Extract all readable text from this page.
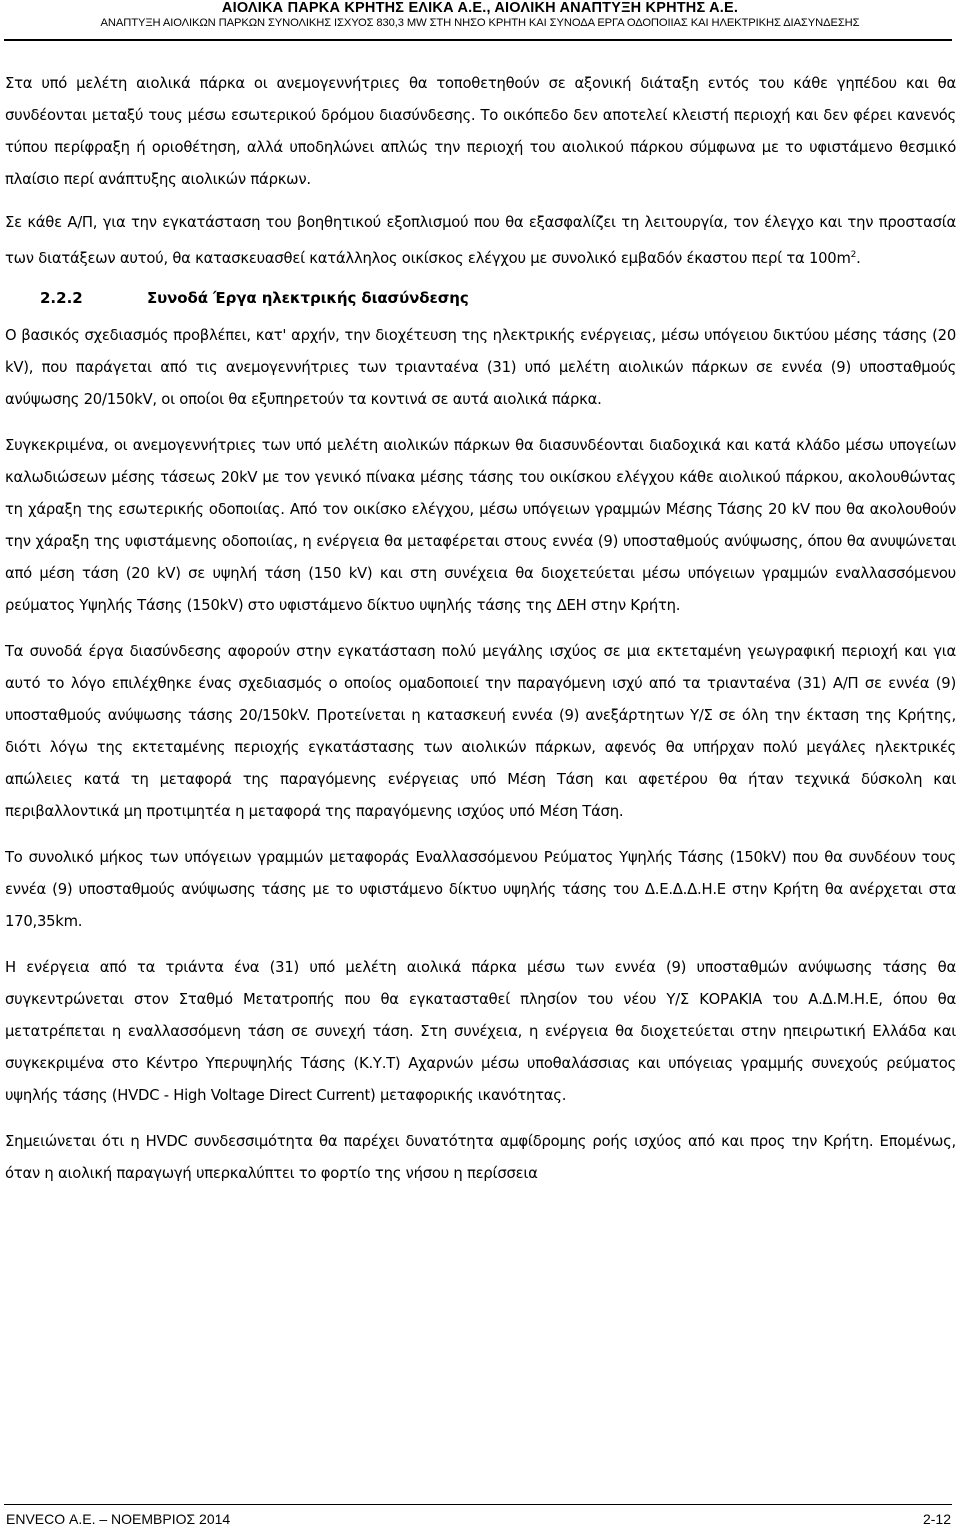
ΑΙΟΛΙΚΑ ΠΑΡΚΑ ΚΡΗΤΗΣ ΕΛΙΚΑ Α.Ε., ΑΙΟΛΙΚΗ ΑΝΑΠΤΥΞΗ ΚΡΗΤΗΣ Α.Ε.
ΑΝΑΠΤΥΞΗ ΑΙΟΛΙΚΩΝ ΠΑΡΚΩΝ ΣΥΝΟΛΙΚΗΣ ΙΣΧΥΟΣ 830,3 MW ΣΤΗ ΝΗΣΟ ΚΡΗΤΗ ΚΑΙ ΣΥΝΟΔΑ ΕΡΓΑ ΟΔΟΠΟΙΙΑΣ ΚΑΙ ΗΛΕΚΤΡΙΚΗΣ ΔΙΑΣΥΝΔΕΣΗΣ

Στα υπό μελέτη αιολικά πάρκα οι ανεμογεννήτριες θα τοποθετηθούν σε αξονική διάταξη εντός του κάθε γηπέδου και θα συνδέονται μεταξύ τους μέσω εσωτερικού δρόμου διασύνδεσης. Το οικόπεδο δεν αποτελεί κλειστή περιοχή και δεν φέρει κανενός τύπου περίφραξη ή οριοθέτηση, αλλά υποδηλώνει απλώς την περιοχή του αιολικού πάρκου σύμφωνα με το υφιστάμενο θεσμικό πλαίσιο περί ανάπτυξης αιολικών πάρκων.

Σε κάθε Α/Π, για την εγκατάσταση του βοηθητικού εξοπλισμού που θα εξασφαλίζει τη λειτουργία, τον έλεγχο και την προστασία των διατάξεων αυτού, θα κατασκευασθεί κατάλληλος οικίσκος ελέγχου με συνολικό εμβαδόν έκαστου περί τα $100m^2$.

2.2.2	Συνοδά Έργα ηλεκτρικής διασύνδεσης

Ο βασικός σχεδιασμός προβλέπει, κατ' αρχήν, την διοχέτευση της ηλεκτρικής ενέργειας, μέσω υπόγειου δικτύου μέσης τάσης (20 kV), που παράγεται από τις ανεμογεννήτριες των τριανταένα (31) υπό μελέτη αιολικών πάρκων σε εννέα (9) υποσταθμούς ανύψωσης 20/150kV, οι οποίοι θα εξυπηρετούν τα κοντινά σε αυτά αιολικά πάρκα.

Συγκεκριμένα, οι ανεμογεννήτριες των υπό μελέτη αιολικών πάρκων θα διασυνδέονται διαδοχικά και κατά κλάδο μέσω υπογείων καλωδιώσεων μέσης τάσεως 20kV με τον γενικό πίνακα μέσης τάσης του οικίσκου ελέγχου κάθε αιολικού πάρκου, ακολουθώντας τη χάραξη της εσωτερικής οδοποιίας. Από τον οικίσκο ελέγχου, μέσω υπόγειων γραμμών Μέσης Τάσης 20 kV που θα ακολουθούν την χάραξη της υφιστάμενης οδοποιίας, η ενέργεια θα μεταφέρεται στους εννέα (9) υποσταθμούς ανύψωσης, όπου θα ανυψώνεται από μέση τάση (20 kV) σε υψηλή τάση (150 kV) και στη συνέχεια θα διοχετεύεται μέσω υπόγειων γραμμών εναλλασσόμενου ρεύματος Υψηλής Τάσης (150kV) στο υφιστάμενο δίκτυο υψηλής τάσης της ΔΕΗ στην Κρήτη.

Τα συνοδά έργα διασύνδεσης αφορούν στην εγκατάσταση πολύ μεγάλης ισχύος σε μια εκτεταμένη γεωγραφική περιοχή και για αυτό το λόγο επιλέχθηκε ένας σχεδιασμός ο οποίος ομαδοποιεί την παραγόμενη ισχύ από τα τριανταένα (31) Α/Π σε εννέα (9) υποσταθμούς ανύψωσης τάσης 20/150kV. Προτείνεται η κατασκευή εννέα (9) ανεξάρτητων Υ/Σ σε όλη την έκταση της Κρήτης, διότι λόγω της εκτεταμένης περιοχής εγκατάστασης των αιολικών πάρκων, αφενός θα υπήρχαν πολύ μεγάλες ηλεκτρικές απώλειες κατά τη μεταφορά της παραγόμενης ενέργειας υπό Μέση Τάση και αφετέρου θα ήταν τεχνικά δύσκολη και περιβαλλοντικά μη προτιμητέα η μεταφορά της παραγόμενης ισχύος υπό Μέση Τάση.

Το συνολικό μήκος των υπόγειων γραμμών μεταφοράς Εναλλασσόμενου Ρεύματος Υψηλής Τάσης (150kV) που θα συνδέουν τους εννέα (9) υποσταθμούς ανύψωσης τάσης με το υφιστάμενο δίκτυο υψηλής τάσης του Δ.Ε.Δ.Δ.Η.Ε στην Κρήτη θα ανέρχεται στα 170,35km.

Η ενέργεια από τα τριάντα ένα (31) υπό μελέτη αιολικά πάρκα μέσω των εννέα (9) υποσταθμών ανύψωσης τάσης θα συγκεντρώνεται στον Σταθμό Μετατροπής που θα εγκατασταθεί πλησίον του νέου Υ/Σ ΚΟΡΑΚΙΑ του Α.Δ.Μ.Η.Ε, όπου θα μετατρέπεται η εναλλασσόμενη τάση σε συνεχή τάση. Στη συνέχεια, η ενέργεια θα διοχετεύεται στην ηπειρωτική Ελλάδα και συγκεκριμένα στο Κέντρο Υπερυψηλής Τάσης (Κ.Υ.Τ) Αχαρνών μέσω υποθαλάσσιας και υπόγειας γραμμής συνεχούς ρεύματος υψηλής τάσης (HVDC - High Voltage Direct Current) μεταφορικής ικανότητας.

Σημειώνεται ότι η HVDC συνδεσσιμότητα θα παρέχει δυνατότητα αμφίδρομης ροής ισχύος από και προς την Κρήτη. Επομένως, όταν η αιολική παραγωγή υπερκαλύπτει το φορτίο της νήσου η περίσσεια

ENVECO Α.Ε. – ΝΟΕΜΒΡΙΟΣ 2014	2-12
